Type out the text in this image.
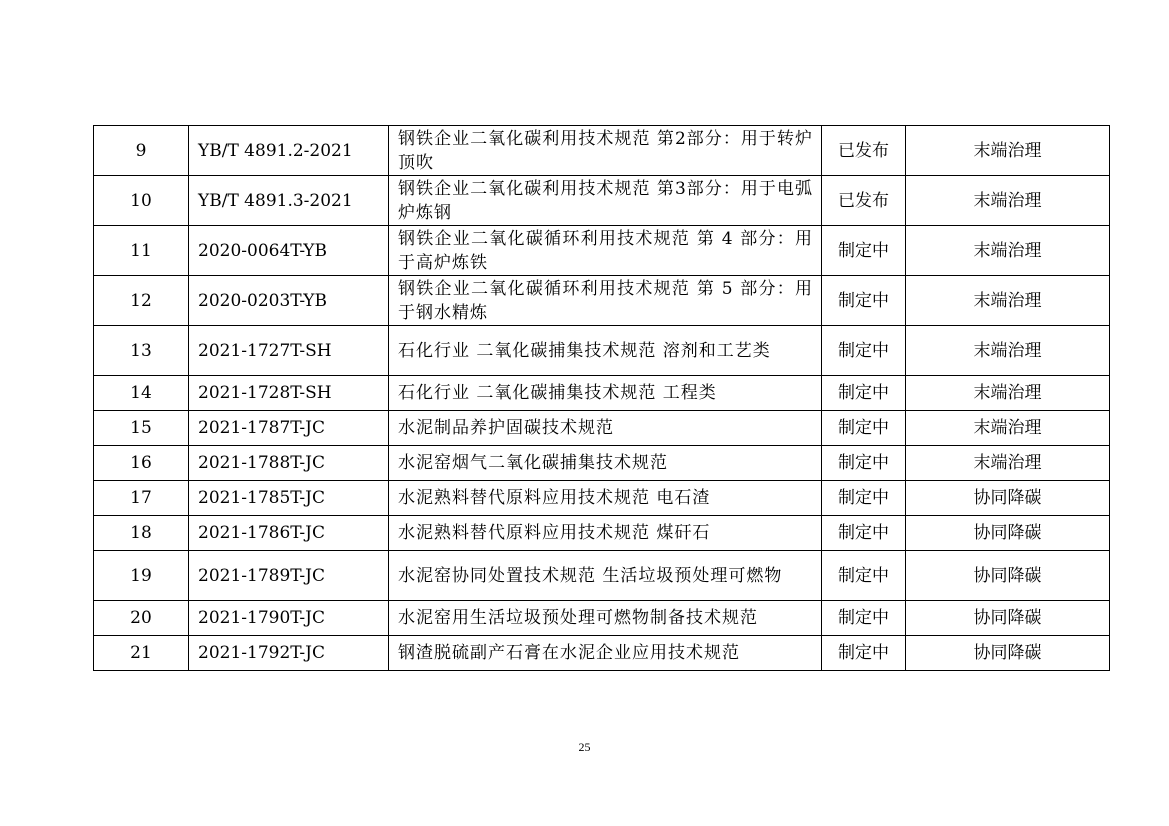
9	YB/T 4891.2-2021	钢铁企业二氧化碳利用技术规范 第2部分：用于转炉顶吹	已发布	末端治理
10	YB/T 4891.3-2021	钢铁企业二氧化碳利用技术规范 第3部分：用于电弧炉炼钢	已发布	末端治理
11	2020-0064T-YB	钢铁企业二氧化碳循环利用技术规范 第 4 部分：用于高炉炼铁	制定中	末端治理
12	2020-0203T-YB	钢铁企业二氧化碳循环利用技术规范 第 5 部分：用于钢水精炼	制定中	末端治理
13	2021-1727T-SH	石化行业 二氧化碳捕集技术规范 溶剂和工艺类	制定中	末端治理
14	2021-1728T-SH	石化行业 二氧化碳捕集技术规范 工程类	制定中	末端治理
15	2021-1787T-JC	水泥制品养护固碳技术规范	制定中	末端治理
16	2021-1788T-JC	水泥窑烟气二氧化碳捕集技术规范	制定中	末端治理
17	2021-1785T-JC	水泥熟料替代原料应用技术规范 电石渣	制定中	协同降碳
18	2021-1786T-JC	水泥熟料替代原料应用技术规范 煤矸石	制定中	协同降碳
19	2021-1789T-JC	水泥窑协同处置技术规范 生活垃圾预处理可燃物	制定中	协同降碳
20	2021-1790T-JC	水泥窑用生活垃圾预处理可燃物制备技术规范	制定中	协同降碳
21	2021-1792T-JC	钢渣脱硫副产石膏在水泥企业应用技术规范	制定中	协同降碳
25
